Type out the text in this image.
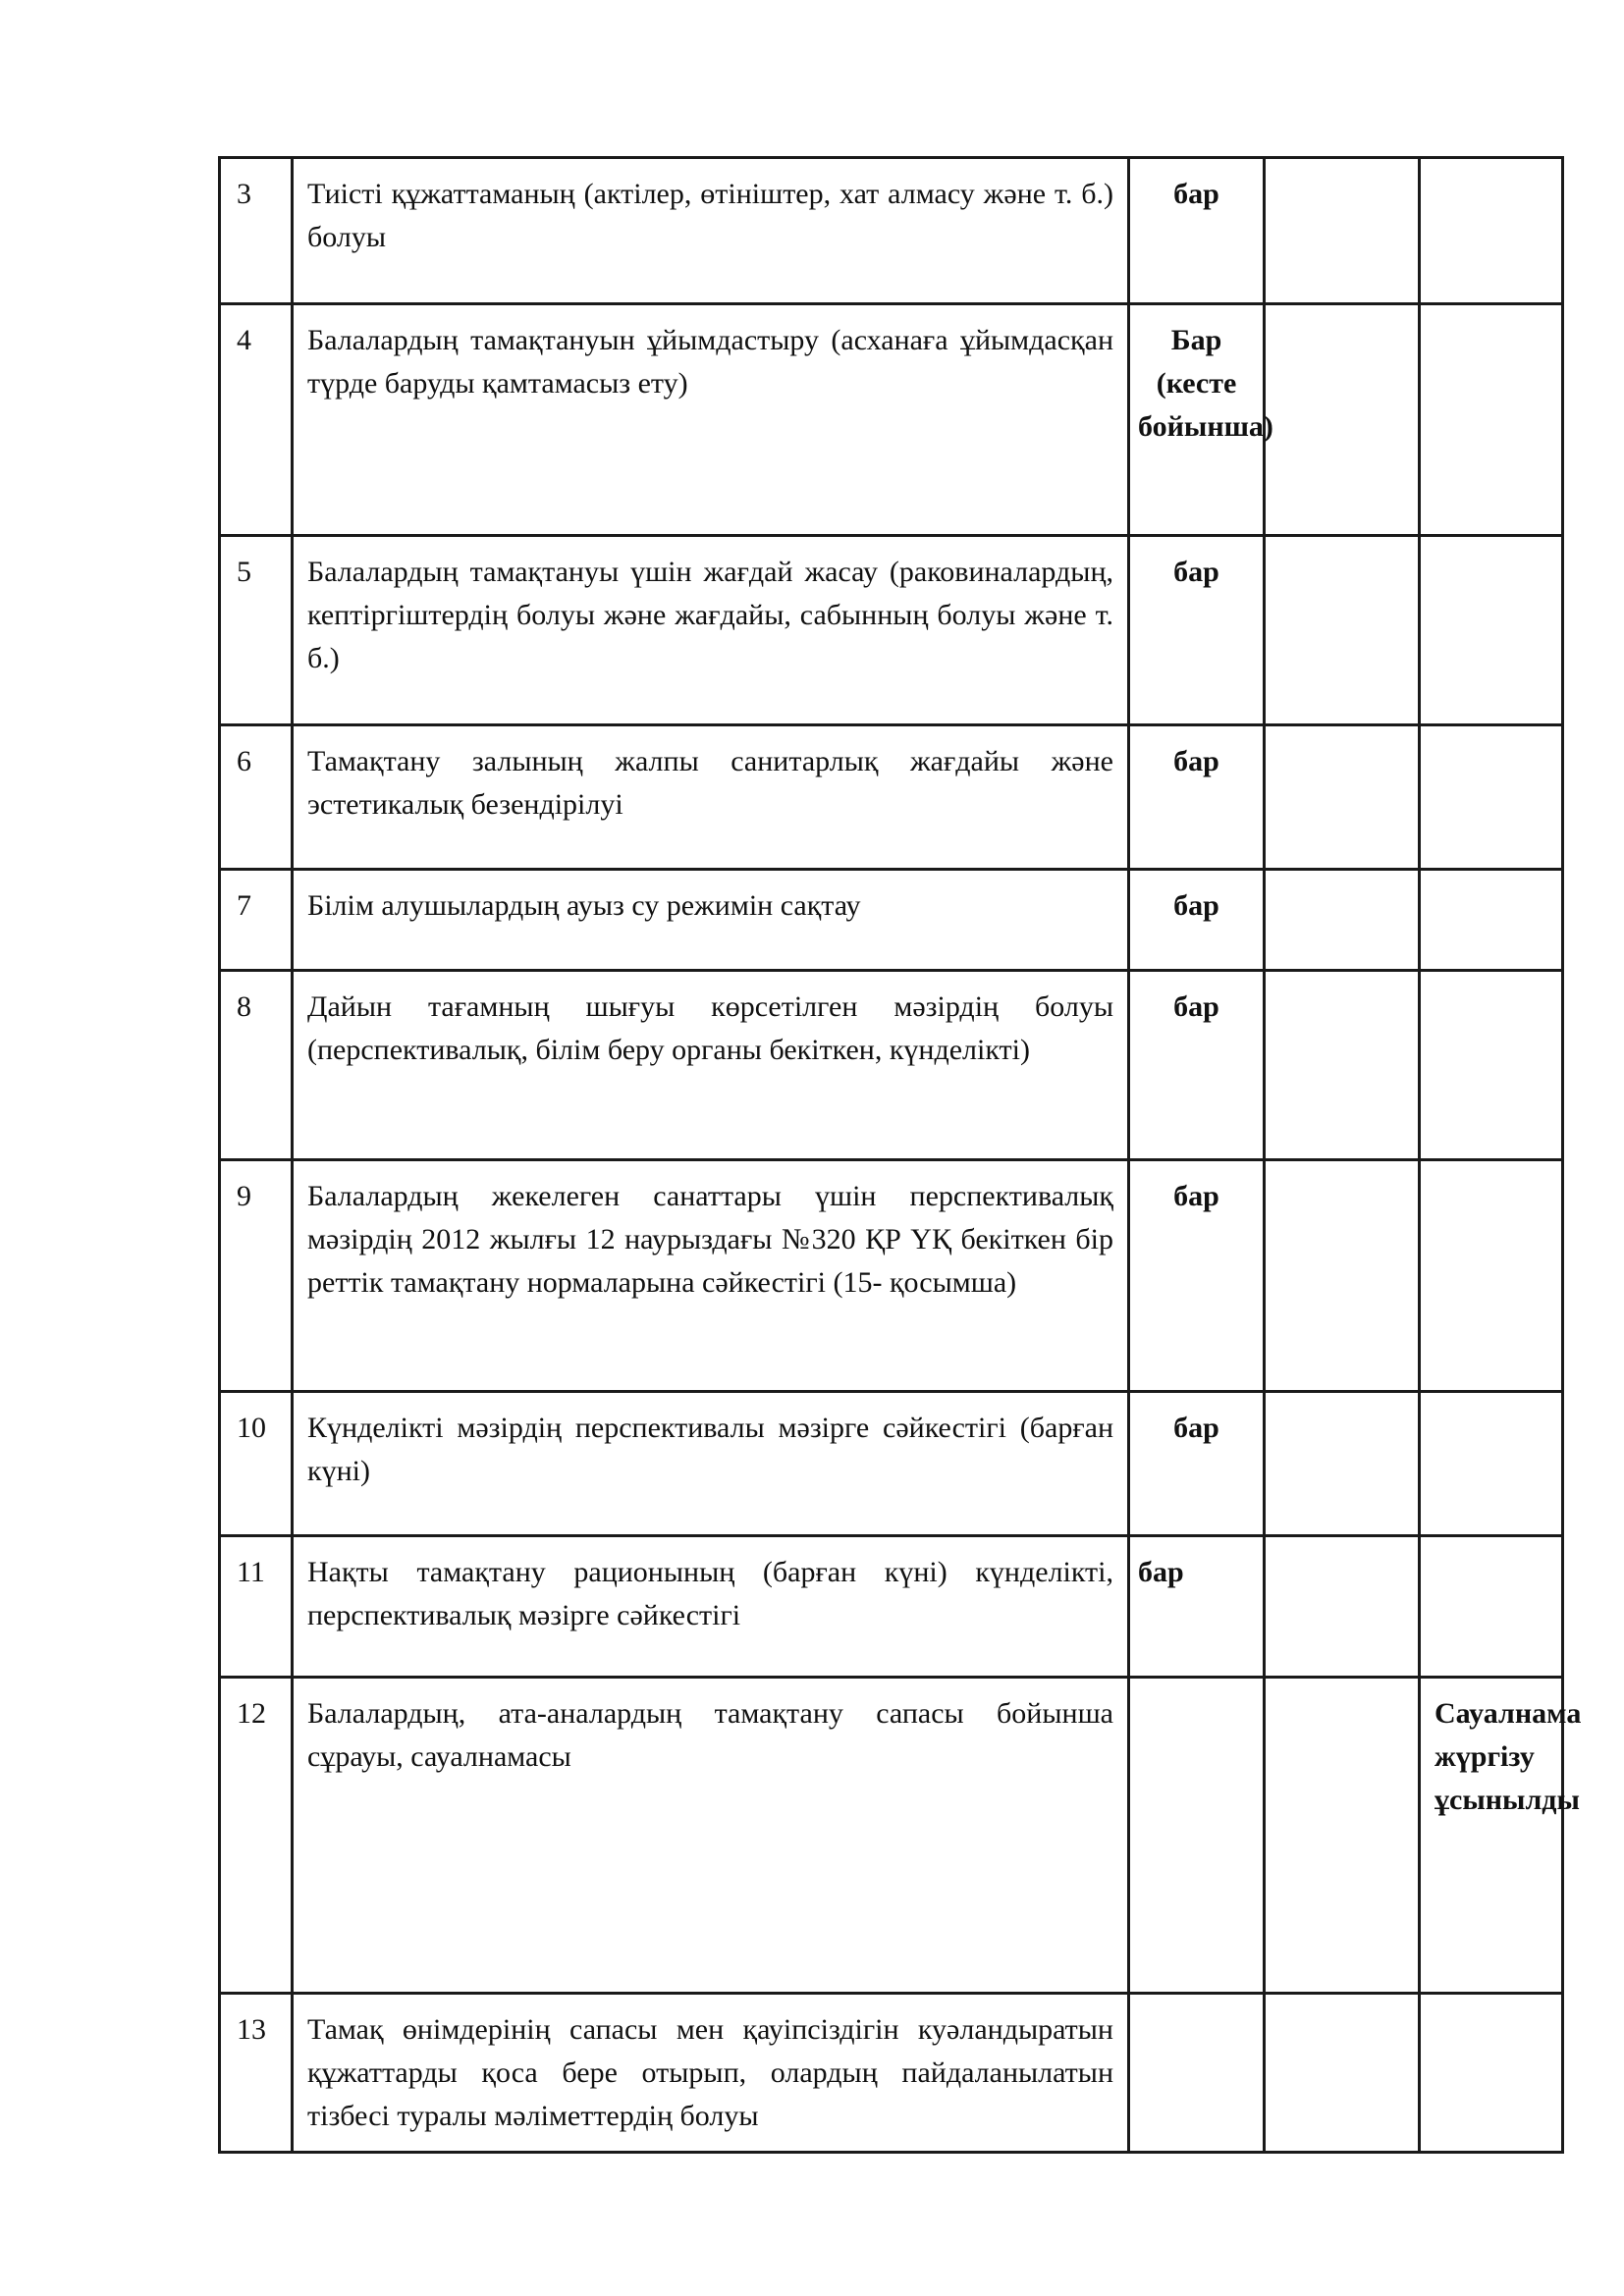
3	Тиісті құжаттаманың (актілер, өтініштер, хат алмасу және т. б.) болуы	бар		
4	Балалардың тамақтануын ұйымдастыру (асханаға ұйымдасқан түрде баруды қамтамасыз ету)	Бар (кесте бойынша)		
5	Балалардың тамақтануы үшін жағдай жасау (раковиналардың, кептіргіштердің болуы және жағдайы, сабынның болуы және т. б.)	бар		
6	Тамақтану залының жалпы санитарлық жағдайы және эстетикалық безендірілуі	бар		
7	Білім алушылардың ауыз су режимін сақтау	бар		
8	Дайын тағамның шығуы көрсетілген мәзірдің болуы (перспективалық, білім беру органы бекіткен, күнделікті)	бар		
9	Балалардың жекелеген санаттары үшін перспективалық мәзірдің 2012 жылғы 12 наурыздағы №320 ҚР ҮҚ бекіткен бір реттік тамақтану нормаларына сәйкестігі (15- қосымша)	бар		
10	Күнделікті мәзірдің перспективалы мәзірге сәйкестігі (барған күні)	бар		
11	Нақты тамақтану рационының (барған күні) күнделікті, перспективалық мәзірге сәйкестігі	бар		
12	Балалардың, ата-аналардың тамақтану сапасы бойынша сұрауы, сауалнамасы			Сауалнама жүргізу ұсынылды
13	Тамақ өнімдерінің сапасы мен қауіпсіздігін куәландыратын құжаттарды қоса бере отырып, олардың пайдаланылатын тізбесі туралы мәліметтердің болуы			
